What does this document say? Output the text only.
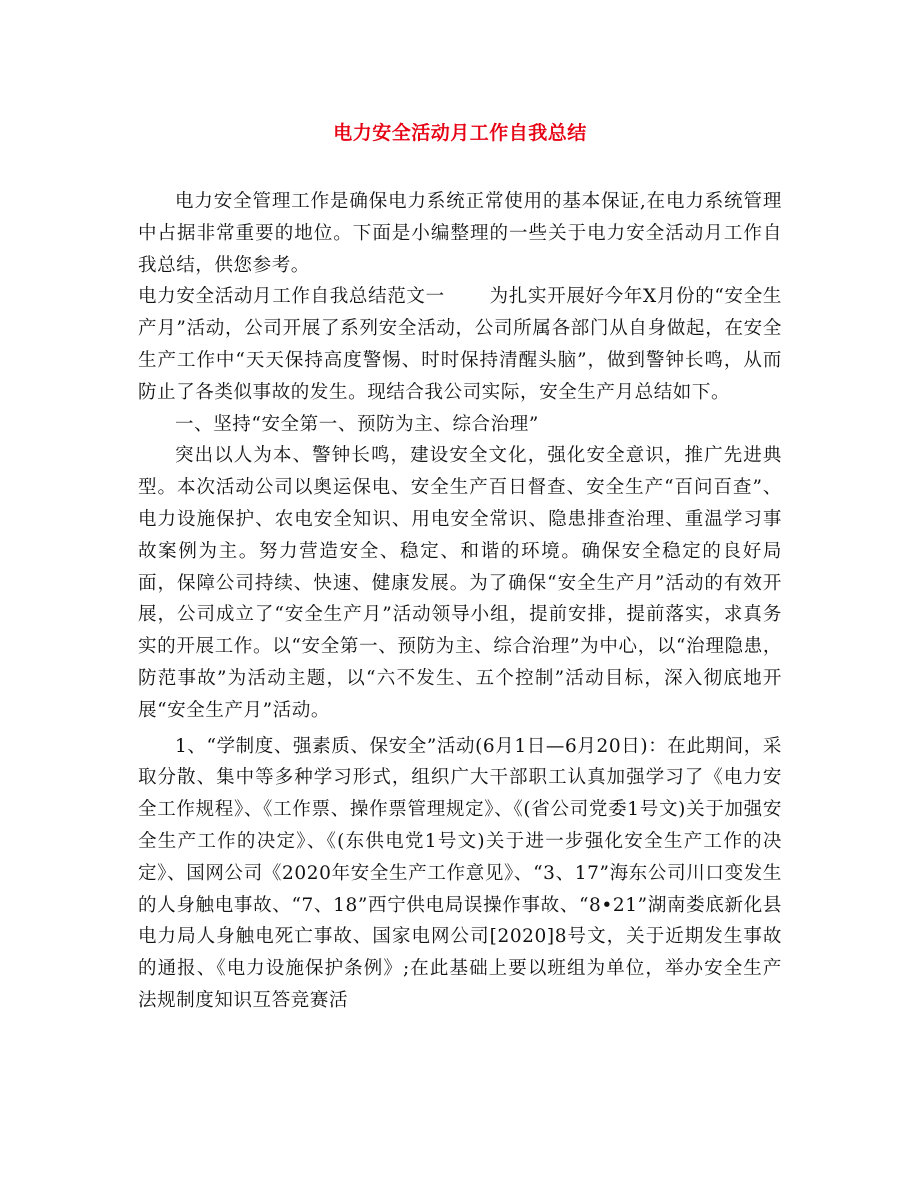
电力安全活动月工作自我总结

电力安全管理工作是确保电力系统正常使用的基本保证,在电力系统管理中占据非常重要的地位。下面是小编整理的一些关于电力安全活动月工作自我总结，供您参考。

电力安全活动月工作自我总结范文一 　　为扎实开展好今年X月份的“安全生产月”活动，公司开展了系列安全活动，公司所属各部门从自身做起，在安全生产工作中“天天保持高度警惕、时时保持清醒头脑”，做到警钟长鸣，从而防止了各类似事故的发生。现结合我公司实际，安全生产月总结如下。

一、坚持“安全第一、预防为主、综合治理”

突出以人为本、警钟长鸣，建设安全文化，强化安全意识，推广先进典型。本次活动公司以奥运保电、安全生产百日督查、安全生产“百问百查”、电力设施保护、农电安全知识、用电安全常识、隐患排查治理、重温学习事故案例为主。努力营造安全、稳定、和谐的环境。确保安全稳定的良好局面，保障公司持续、快速、健康发展。为了确保“安全生产月”活动的有效开展，公司成立了“安全生产月”活动领导小组，提前安排，提前落实，求真务实的开展工作。以“安全第一、预防为主、综合治理”为中心，以“治理隐患，防范事故”为活动主题，以“六不发生、五个控制”活动目标，深入彻底地开展“安全生产月”活动。

1、“学制度、强素质、保安全”活动(6月1日—6月20日)：在此期间，采取分散、集中等多种学习形式，组织广大干部职工认真加强学习了《电力安全工作规程》、《工作票、操作票管理规定》、《(省公司党委1号文)关于加强安全生产工作的决定》、《(东供电党1号文)关于进一步强化安全生产工作的决定》、国网公司《2020年安全生产工作意见》、“3、17”海东公司川口变发生的人身触电事故、“7、18”西宁供电局误操作事故、“8•21”湖南娄底新化县电力局人身触电死亡事故、国家电网公司[2020]8号文，关于近期发生事故的通报、《电力设施保护条例》;在此基础上要以班组为单位，举办安全生产法规制度知识互答竞赛活
